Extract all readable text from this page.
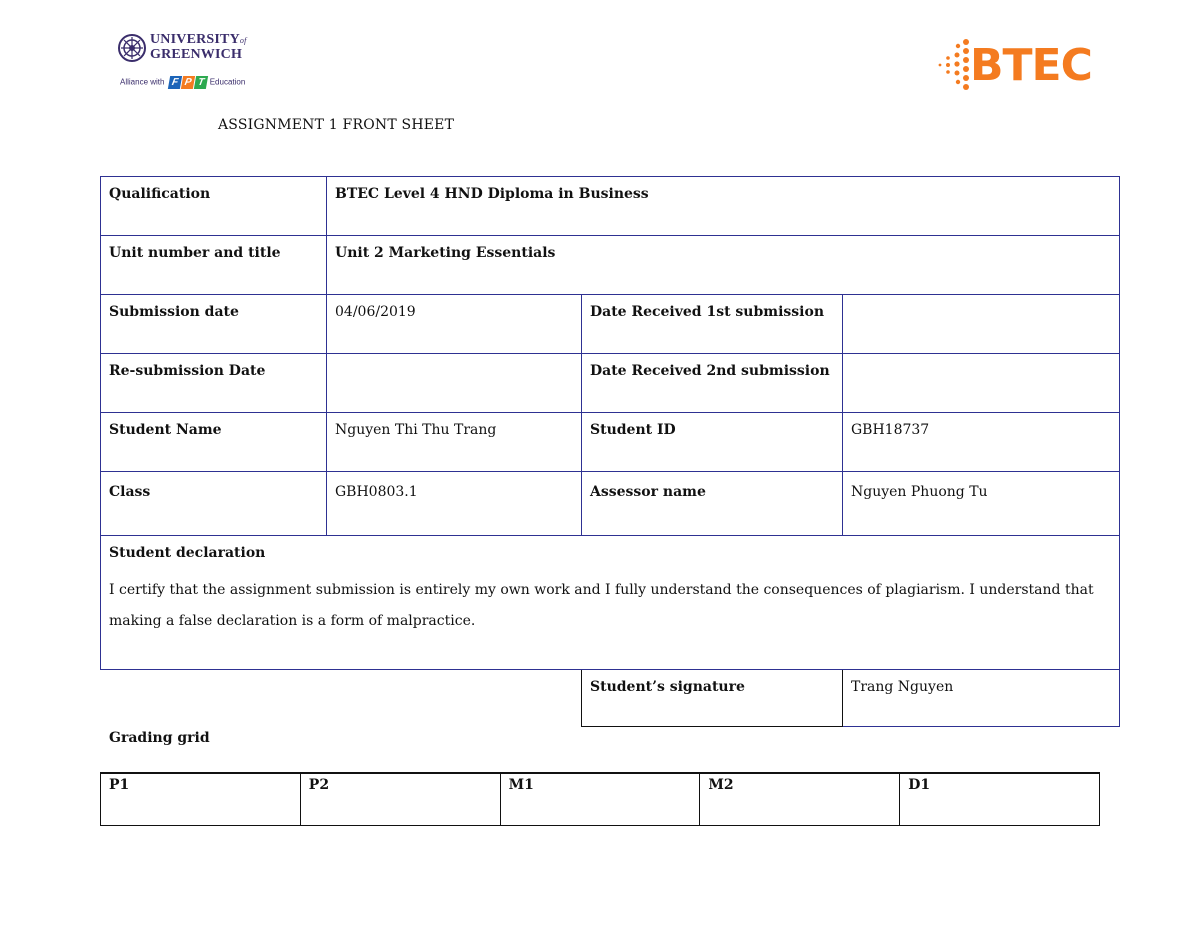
UNIVERSITYof
GREENWICH
Alliance with F P T Education	BTEC
ASSIGNMENT 1 FRONT SHEET
Qualification	BTEC Level 4 HND Diploma in Business		
Unit number and title	Unit 2 Marketing Essentials		
Submission date	04/06/2019	Date Received 1st submission	
Re-submission Date		Date Received 2nd submission	
Student Name	Nguyen Thi Thu Trang	Student ID	GBH18737
Class	GBH0803.1	Assessor name	Nguyen Phuong Tu

Student declaration
I certify that the assignment submission is entirely my own work and I fully understand the consequences of plagiarism. I understand that making a false declaration is a form of malpractice.			

		Student’s signature	Trang Nguyen
Grading grid
P1	P2	M1	M2	D1
